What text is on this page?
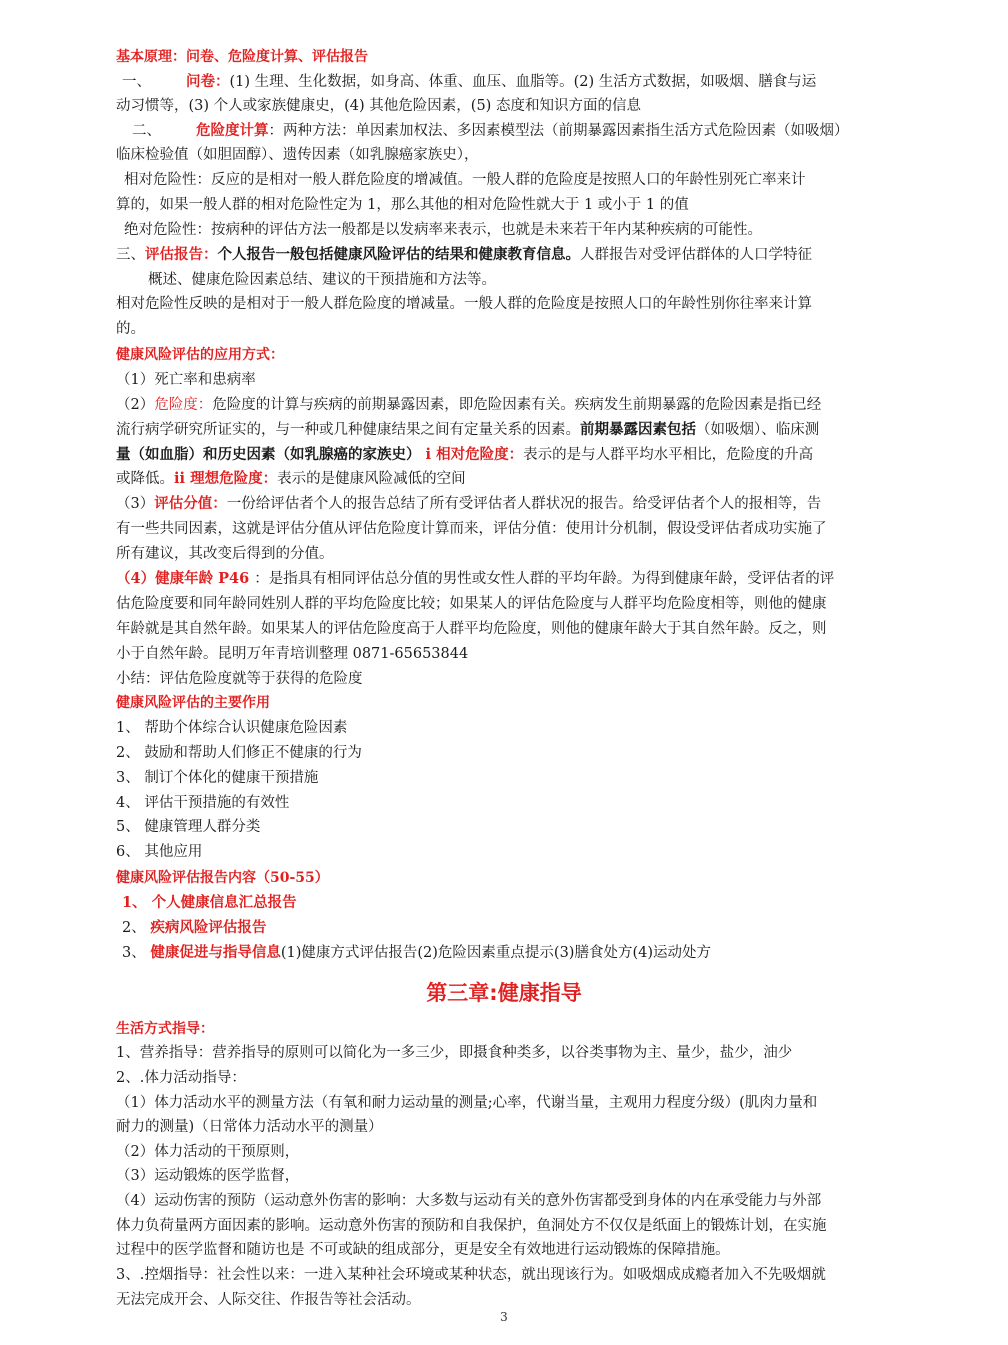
基本原理：问卷、危险度计算、评估报告
一、 问卷：(1) 生理、生化数据，如身高、体重、血压、血脂等。(2) 生活方式数据，如吸烟、膳食与运
动习惯等，(3) 个人或家族健康史，(4) 其他危险因素，(5) 态度和知识方面的信息
二、 危险度计算：两种方法：单因素加权法、多因素模型法（前期暴露因素指生活方式危险因素（如吸烟）
临床检验值（如胆固醇）、遗传因素（如乳腺癌家族史），
相对危险性：反应的是相对一般人群危险度的增减值。一般人群的危险度是按照人口的年龄性别死亡率来计
算的，如果一般人群的相对危险性定为 1，那么其他的相对危险性就大于 1 或小于 1 的值
绝对危险性：按病种的评估方法一般都是以发病率来表示，也就是未来若干年内某种疾病的可能性。
三、评估报告：个人报告一般包括健康风险评估的结果和健康教育信息。人群报告对受评估群体的人口学特征
概述、健康危险因素总结、建议的干预措施和方法等。
相对危险性反映的是相对于一般人群危险度的增减量。一般人群的危险度是按照人口的年龄性别你往率来计算
的。
健康风险评估的应用方式：
（1）死亡率和患病率
（2）危险度：危险度的计算与疾病的前期暴露因素，即危险因素有关。疾病发生前期暴露的危险因素是指已经
流行病学研究所证实的，与一种或几种健康结果之间有定量关系的因素。前期暴露因素包括（如吸烟）、临床测
量（如血脂）和历史因素（如乳腺癌的家族史） i 相对危险度：表示的是与人群平均水平相比，危险度的升高
或降低。ii 理想危险度：表示的是健康风险减低的空间
（3）评估分值：一份给评估者个人的报告总结了所有受评估者人群状况的报告。给受评估者个人的报相等，告
有一些共同因素，这就是评估分值从评估危险度计算而来，评估分值：使用计分机制，假设受评估者成功实施了
所有建议，其改变后得到的分值。
（4）健康年龄 P46 ：是指具有相同评估总分值的男性或女性人群的平均年龄。为得到健康年龄，受评估者的评
估危险度要和同年龄同姓别人群的平均危险度比较；如果某人的评估危险度与人群平均危险度相等，则他的健康
年龄就是其自然年龄。如果某人的评估危险度高于人群平均危险度，则他的健康年龄大于其自然年龄。反之，则
小于自然年龄。昆明万年青培训整理 0871-65653844
小结：评估危险度就等于获得的危险度
健康风险评估的主要作用
1、 帮助个体综合认识健康危险因素
2、 鼓励和帮助人们修正不健康的行为
3、 制订个体化的健康干预措施
4、 评估干预措施的有效性
5、 健康管理人群分类
6、 其他应用
健康风险评估报告内容（50-55）
1、 个人健康信息汇总报告
2、 疾病风险评估报告
3、 健康促进与指导信息(1)健康方式评估报告(2)危险因素重点提示(3)膳食处方(4)运动处方
第三章:健康指导
生活方式指导：
1、营养指导：营养指导的原则可以简化为一多三少，即摄食种类多，以谷类事物为主、量少，盐少，油少
2、.体力活动指导：
（1）体力活动水平的测量方法（有氧和耐力运动量的测量;心率，代谢当量，主观用力程度分级）(肌肉力量和
耐力的测量)（日常体力活动水平的测量）
（2）体力活动的干预原则，
（3）运动锻炼的医学监督，
（4）运动伤害的预防（运动意外伤害的影响：大多数与运动有关的意外伤害都受到身体的内在承受能力与外部
体力负荷量两方面因素的影响。运动意外伤害的预防和自我保护，鱼洞处方不仅仅是纸面上的锻炼计划，在实施
过程中的医学监督和随访也是 不可或缺的组成部分，更是安全有效地进行运动锻炼的保障措施。
3、.控烟指导：社会性以来：一进入某种社会环境或某种状态，就出现该行为。如吸烟成成瘾者加入不先吸烟就
无法完成开会、人际交往、作报告等社会活动。
3
